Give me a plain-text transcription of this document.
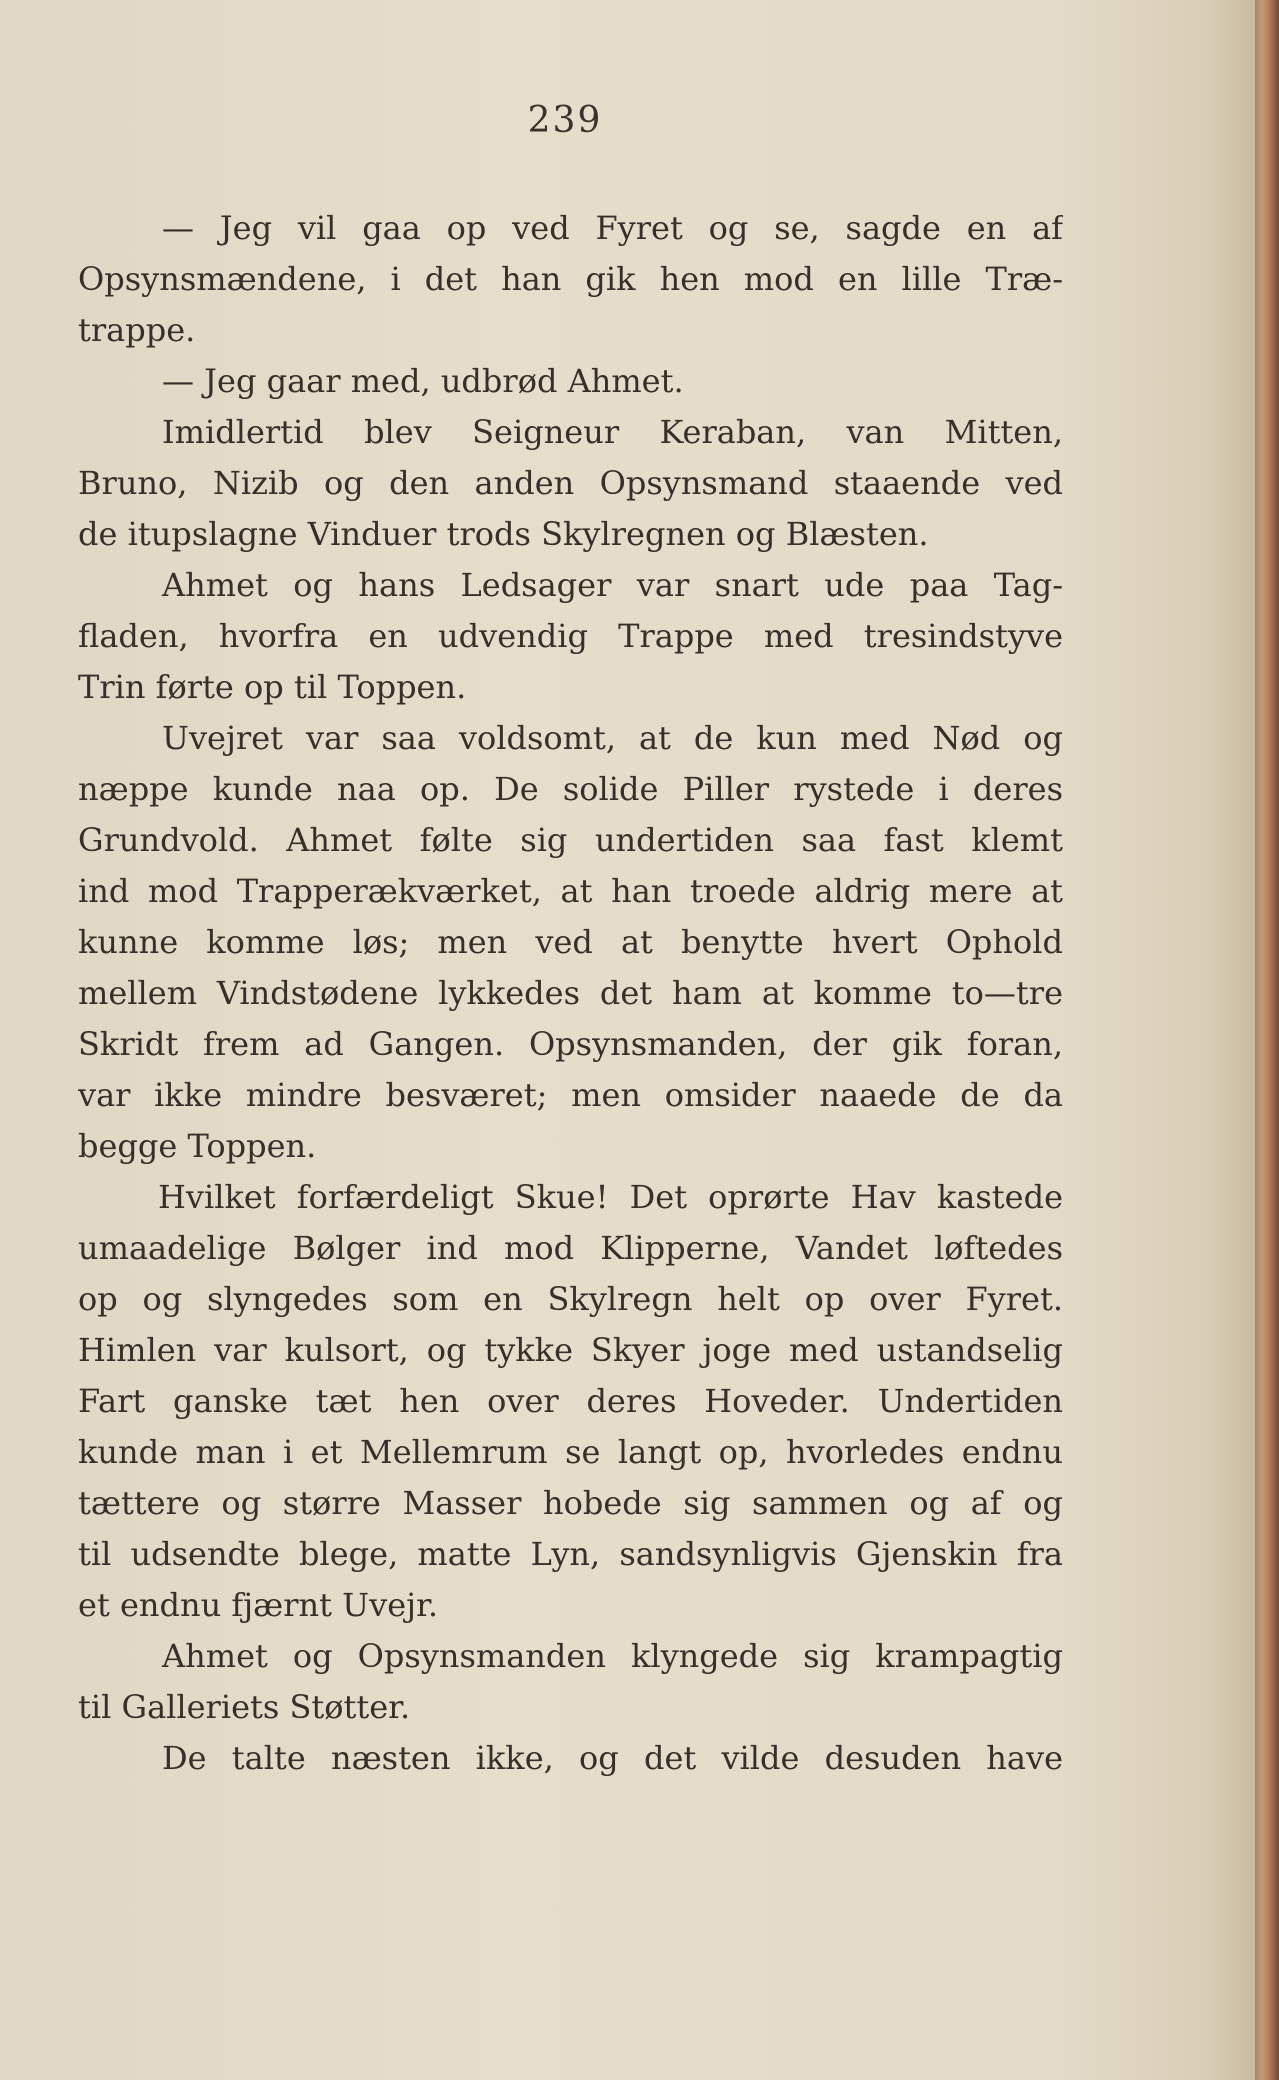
239
— Jeg vil gaa op ved Fyret og se, sagde en af
Opsynsmændene, i det han gik hen mod en lille Træ-
trappe.
— Jeg gaar med, udbrød Ahmet.
Imidlertid blev Seigneur Keraban, van Mitten,
Bruno, Nizib og den anden Opsynsmand staaende ved
de itupslagne Vinduer trods Skylregnen og Blæsten.
Ahmet og hans Ledsager var snart ude paa Tag-
fladen, hvorfra en udvendig Trappe med tresindstyve
Trin førte op til Toppen.
Uvejret var saa voldsomt, at de kun med Nød og
næppe kunde naa op. De solide Piller rystede i deres
Grundvold. Ahmet følte sig undertiden saa fast klemt
ind mod Trapperækværket, at han troede aldrig mere at
kunne komme løs; men ved at benytte hvert Ophold
mellem Vindstødene lykkedes det ham at komme to—tre
Skridt frem ad Gangen. Opsynsmanden, der gik foran,
var ikke mindre besværet; men omsider naaede de da
begge Toppen.
Hvilket forfærdeligt Skue! Det oprørte Hav kastede
umaadelige Bølger ind mod Klipperne, Vandet løftedes
op og slyngedes som en Skylregn helt op over Fyret.
Himlen var kulsort, og tykke Skyer joge med ustandselig
Fart ganske tæt hen over deres Hoveder. Undertiden
kunde man i et Mellemrum se langt op, hvorledes endnu
tættere og større Masser hobede sig sammen og af og
til udsendte blege, matte Lyn, sandsynligvis Gjenskin fra
et endnu fjærnt Uvejr.
Ahmet og Opsynsmanden klyngede sig krampagtig
til Galleriets Støtter.
De talte næsten ikke, og det vilde desuden have
